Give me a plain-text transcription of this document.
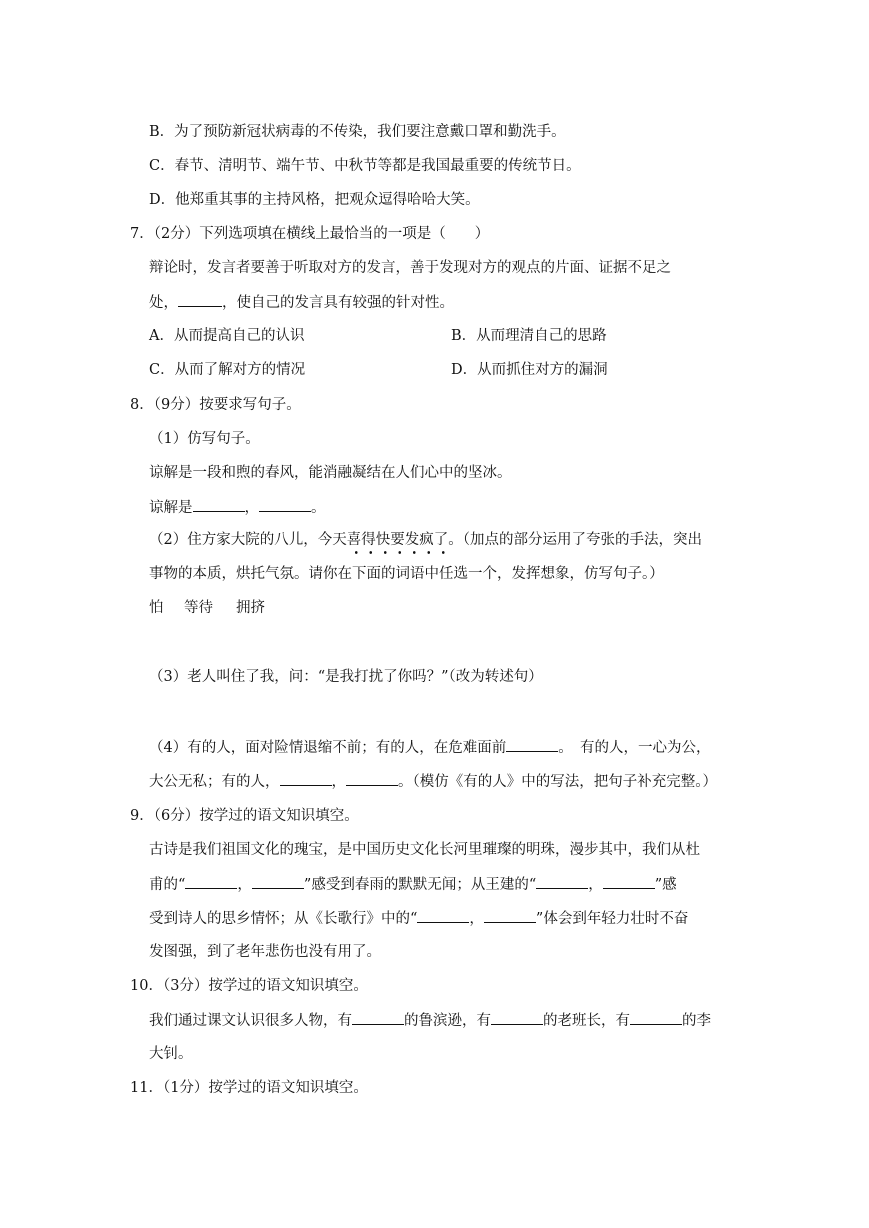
B．为了预防新冠状病毒的不传染，我们要注意戴口罩和勤洗手。
C．春节、清明节、端午节、中秋节等都是我国最重要的传统节日。
D．他郑重其事的主持风格，把观众逗得哈哈大笑。
7．（2分）下列选项填在横线上最恰当的一项是（　　）
辩论时，发言者要善于听取对方的发言，善于发现对方的观点的片面、证据不足之
处，	，使自己的发言具有较强的针对性。
A．从而提高自己的认识	B．从而理清自己的思路
C．从而了解对方的情况	D．从而抓住对方的漏洞
8．（9分）按要求写句子。
（1）仿写句子。
谅解是一段和煦的春风，能消融凝结在人们心中的坚冰。
谅解是	，	。
（2）住方家大院的八儿，今天喜得快要发疯了。（加点的部分运用了夸张的手法，突出
事物的本质，烘托气氛。请你在下面的词语中任选一个，发挥想象，仿写句子。）
怕 等待 拥挤
（3）老人叫住了我，问：“是我打扰了你吗？”（改为转述句）
（4）有的人，面对险情退缩不前；有的人，在危难面前	。　有的人，一心为公，
大公无私；有的人，	，	。（模仿《有的人》中的写法，把句子补充完整。）
9．（6分）按学过的语文知识填空。
古诗是我们祖国文化的瑰宝，是中国历史文化长河里璀璨的明珠，漫步其中，我们从杜
甫的“	，	”感受到春雨的默默无闻；从王建的“	，	”感
受到诗人的思乡情怀；从《长歌行》中的“	，	”体会到年轻力壮时不奋
发图强，到了老年悲伤也没有用了。
10．（3分）按学过的语文知识填空。
我们通过课文认识很多人物，有	的鲁滨逊，有	的老班长，有	的李
大钊。
11．（1分）按学过的语文知识填空。
